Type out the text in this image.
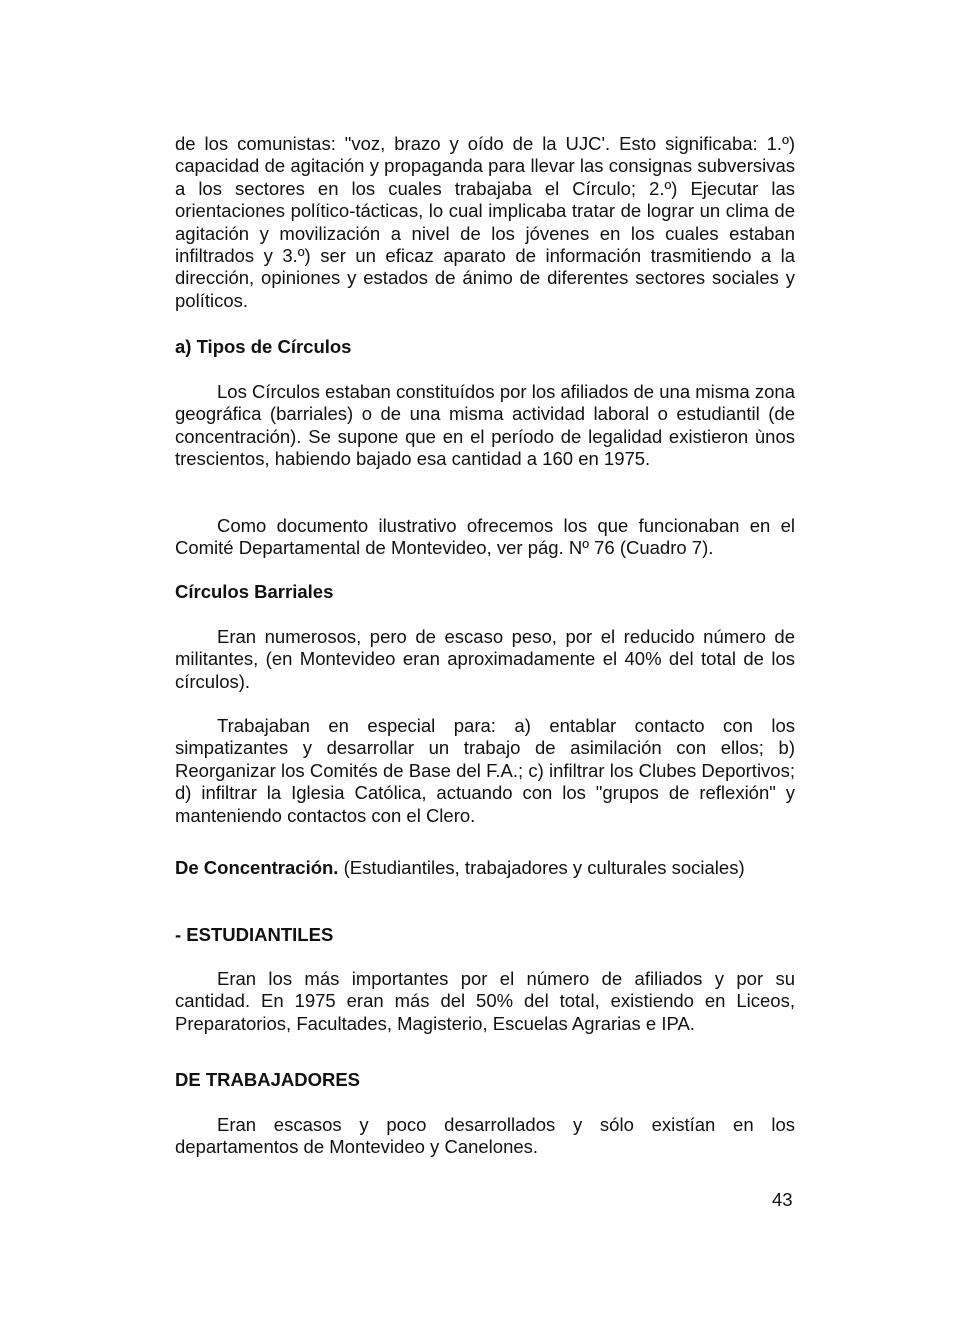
de los comunistas: "voz, brazo y oído de la UJC'. Esto significaba: 1.º) capacidad de agitación y propaganda para llevar las consignas subversivas a los sectores en los cuales trabajaba el Círculo; 2.º) Ejecutar las orientaciones político-tácticas, lo cual implicaba tratar de lograr un clima de agitación y movilización a nivel de los jóvenes en los cuales estaban infiltrados y 3.º) ser un eficaz aparato de información trasmitiendo a la dirección, opiniones y estados de ánimo de diferentes sectores sociales y políticos.

a) Tipos de Círculos

Los Círculos estaban constituídos por los afiliados de una misma zona geográfica (barriales) o de una misma actividad laboral o estudiantil (de concentración). Se supone que en el período de legalidad existieron ùnos trescientos, habiendo bajado esa cantidad a 160 en 1975.

Como documento ilustrativo ofrecemos los que funcionaban en el Comité Departamental de Montevideo, ver pág. Nº 76 (Cuadro 7).

Círculos Barriales

Eran numerosos, pero de escaso peso, por el reducido número de militantes, (en Montevideo eran aproximadamente el 40% del total de los círculos).

Trabajaban en especial para: a) entablar contacto con los simpatizantes y desarrollar un trabajo de asimilación con ellos; b) Reorganizar los Comités de Base del F.A.; c) infiltrar los Clubes Deportivos; d) infiltrar la Iglesia Católica, actuando con los "grupos de reflexión" y manteniendo contactos con el Clero.

De Concentración. (Estudiantiles, trabajadores y culturales sociales)

- ESTUDIANTILES

Eran los más importantes por el número de afiliados y por su cantidad. En 1975 eran más del 50% del total, existiendo en Liceos, Preparatorios, Facultades, Magisterio, Escuelas Agrarias e IPA.

DE TRABAJADORES

Eran escasos y poco desarrollados y sólo existían en los departamentos de Montevideo y Canelones.

43
